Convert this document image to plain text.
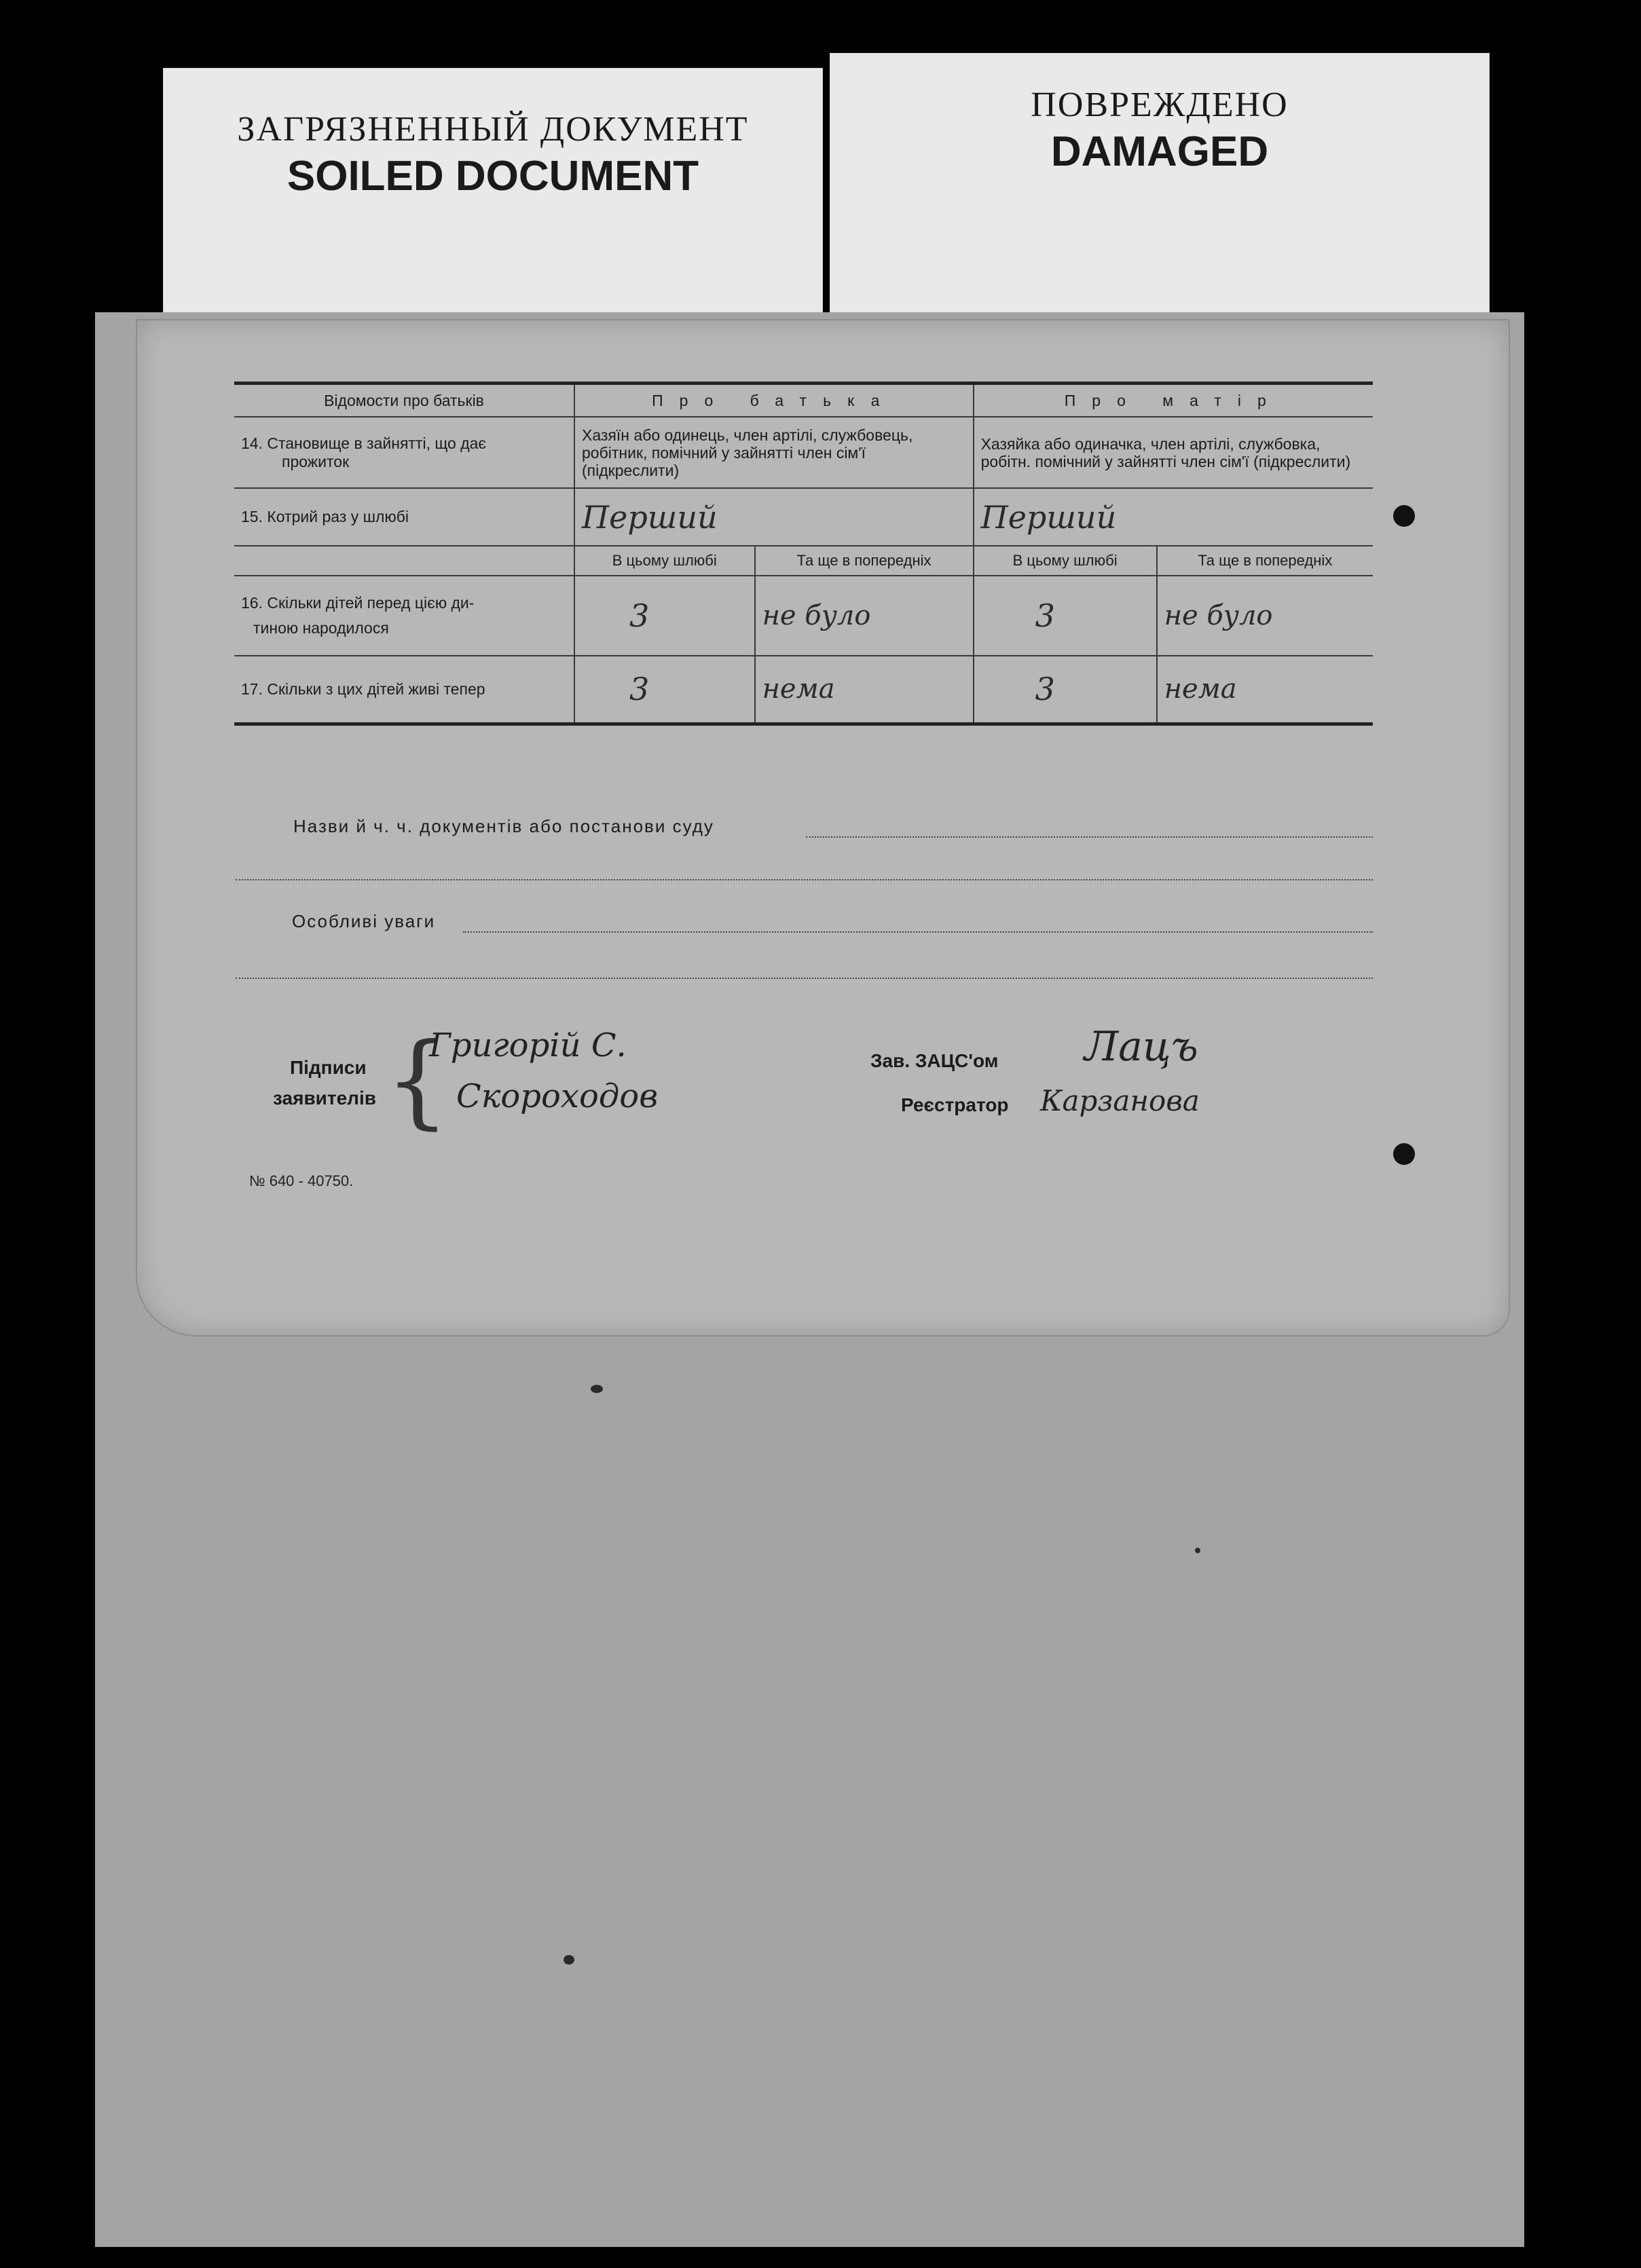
ЗАГРЯЗНЕННЫЙ ДОКУМЕНТ
SOILED DOCUMENT
ПОВРЕЖДЕНО
DAMAGED
Відомости про батьків	Про батька		Про матір	

14. Становище в зайнятті, що дає
прожиток	Хазяїн або одинець, член артілі, службовець, робітник, помічний у зайнятті член сім'ї (підкреслити)		Хазяйка або одиначка, член артілі, службовка, робітн. помічний у зайнятті член сім'ї (підкреслити)	
15. Котрий раз у шлюбі	Перший		Перший	
	В цьому шлюбі	Та ще в попередніх	В цьому шлюбі	Та ще в попередніх

16. Скільки дітей перед цією ди-
тиною народилося	3	не було	3	не було
17. Скільки з цих дітей живі тепер	3	нема	3	нема
Назви й ч. ч. документів або постанови суду
Особливі уваги
Підписи
заявителів {
Григорій С.
Скороходов
Зав. ЗАЦС'ом Лацъ
Реєстратор Карзанова
№ 640 - 40750.
